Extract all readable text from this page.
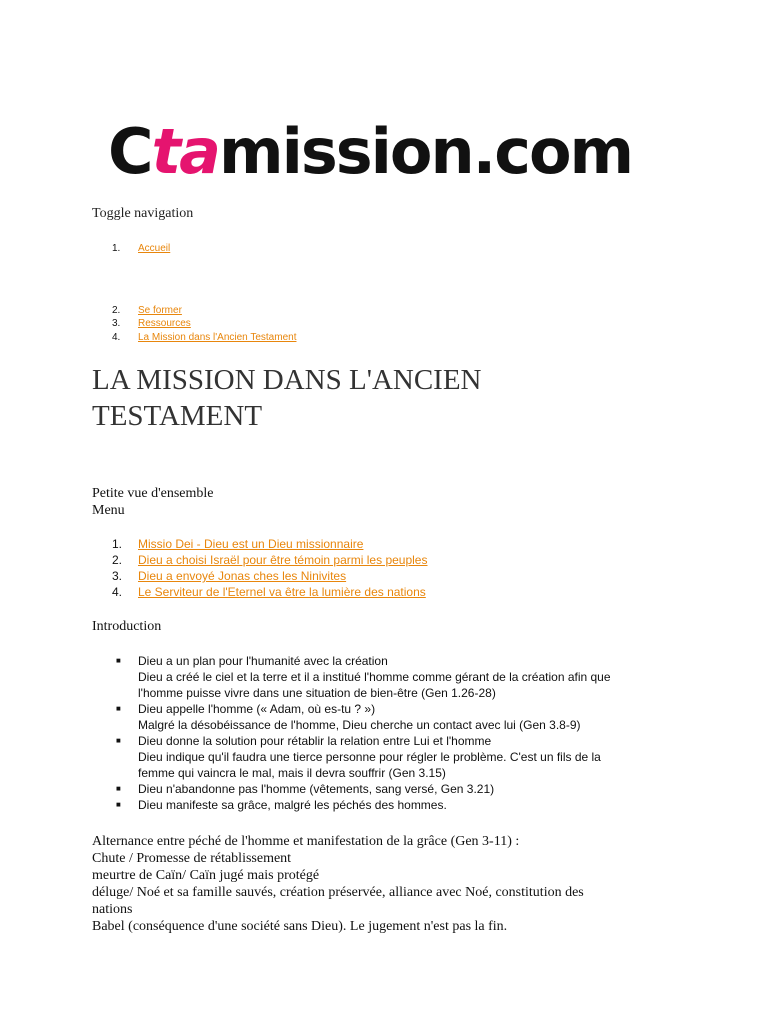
C ta mission.com
Toggle navigation
1.	Accueil
2.	Se former
3.	Ressources
4.	La Mission dans l'Ancien Testament
LA MISSION DANS L'ANCIEN
TESTAMENT
Petite vue d'ensemble
Menu
1.	Missio Dei - Dieu est un Dieu missionnaire
2.	Dieu a choisi Israël pour être témoin parmi les peuples
3.	Dieu a envoyé Jonas ches les Ninivites
4.	Le Serviteur de l'Eternel va être la lumière des nations
Introduction
■	Dieu a un plan pour l'humanité avec la création
Dieu a créé le ciel et la terre et il a institué l'homme comme gérant de la création afin que
l'homme puisse vivre dans une situation de bien-être (Gen 1.26-28)
■	Dieu appelle l'homme (« Adam, où es-tu ? »)
Malgré la désobéissance de l'homme, Dieu cherche un contact avec lui (Gen 3.8-9)
■	Dieu donne la solution pour rétablir la relation entre Lui et l'homme
Dieu indique qu'il faudra une tierce personne pour régler le problème. C'est un fils de la
femme qui vaincra le mal, mais il devra souffrir (Gen 3.15)
■	Dieu n'abandonne pas l'homme (vêtements, sang versé, Gen 3.21)
■	Dieu manifeste sa grâce, malgré les péchés des hommes.
Alternance entre péché de l'homme et manifestation de la grâce (Gen 3-11) :
Chute / Promesse de rétablissement
meurtre de Caïn/ Caïn jugé mais protégé
déluge/ Noé et sa famille sauvés, création préservée, alliance avec Noé, constitution des
nations
Babel (conséquence d'une société sans Dieu). Le jugement n'est pas la fin.
